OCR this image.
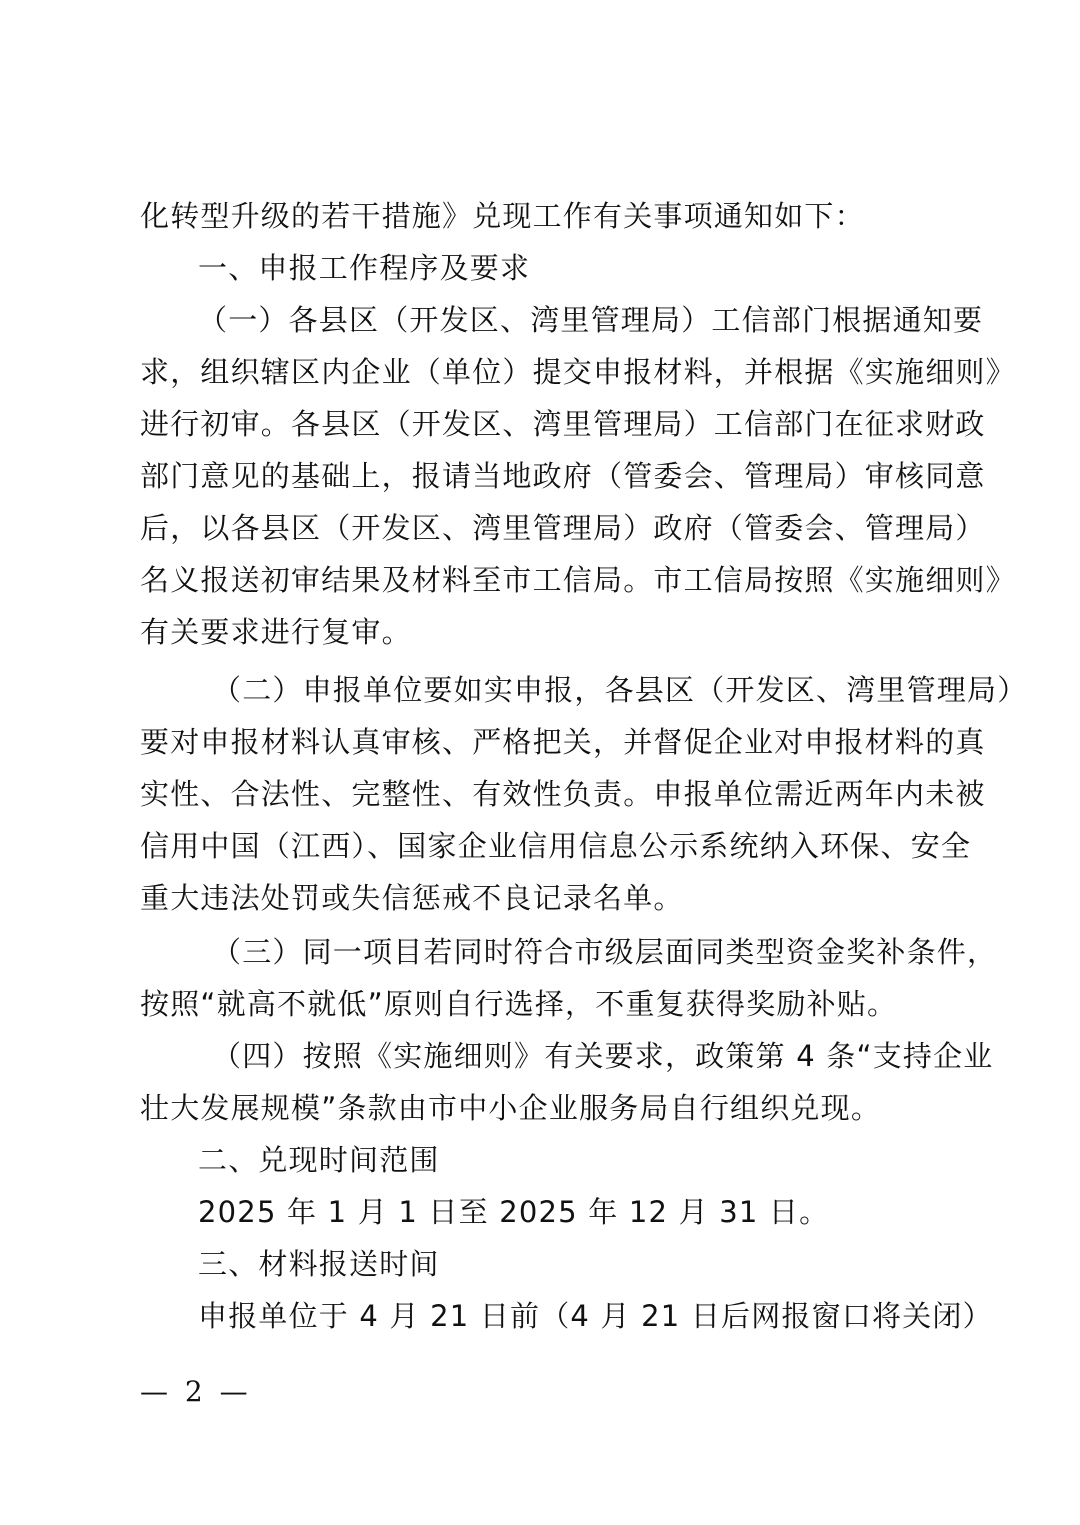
化转型升级的若干措施》兑现工作有关事项通知如下：
一、申报工作程序及要求
（一）各县区（开发区、湾里管理局）工信部门根据通知要
求，组织辖区内企业（单位）提交申报材料，并根据《实施细则》
进行初审。各县区（开发区、湾里管理局）工信部门在征求财政
部门意见的基础上，报请当地政府（管委会、管理局）审核同意
后，以各县区（开发区、湾里管理局）政府（管委会、管理局）
名义报送初审结果及材料至市工信局。市工信局按照《实施细则》
有关要求进行复审。
（二）申报单位要如实申报，各县区（开发区、湾里管理局）
要对申报材料认真审核、严格把关，并督促企业对申报材料的真
实性、合法性、完整性、有效性负责。申报单位需近两年内未被
信用中国（江西）、国家企业信用信息公示系统纳入环保、安全
重大违法处罚或失信惩戒不良记录名单。
（三）同一项目若同时符合市级层面同类型资金奖补条件，
按照“就高不就低”原则自行选择，不重复获得奖励补贴。
（四）按照《实施细则》有关要求，政策第 4 条“支持企业
壮大发展规模”条款由市中小企业服务局自行组织兑现。
二、兑现时间范围
2025 年 1 月 1 日至 2025 年 12 月 31 日。
三、材料报送时间
申报单位于 4 月 21 日前（4 月 21 日后网报窗口将关闭）
— 2 —
